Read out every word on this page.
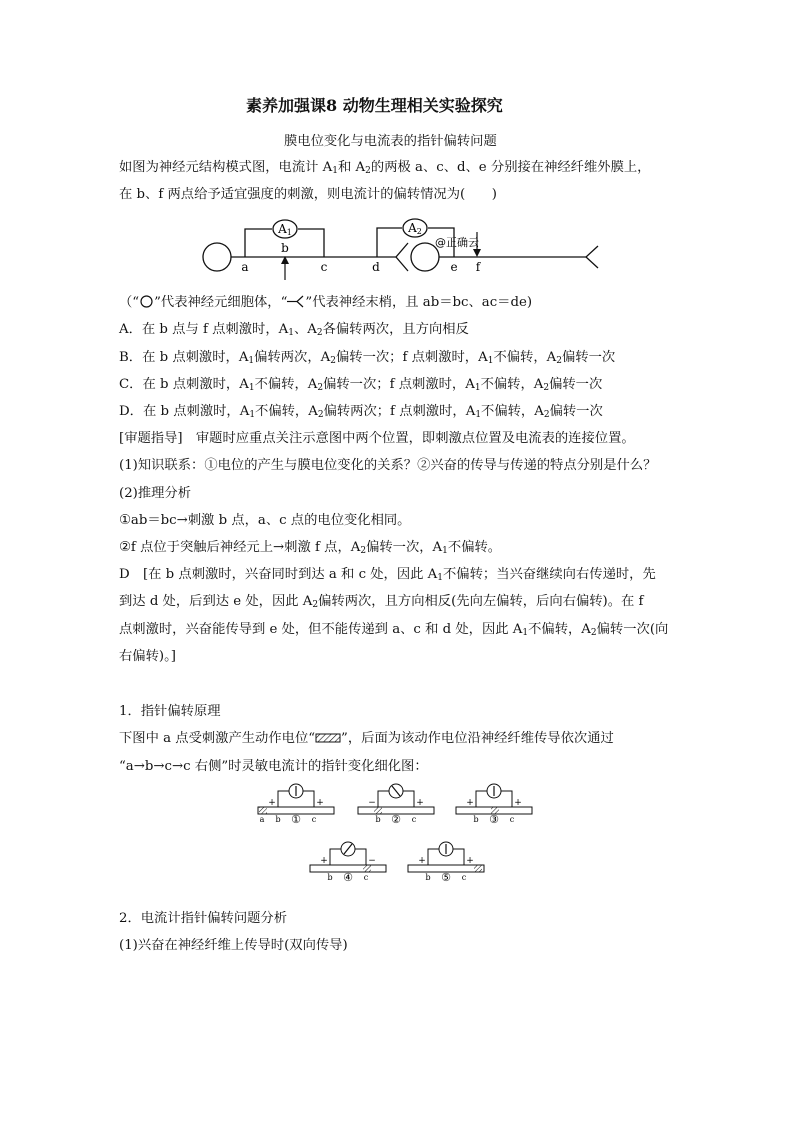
素养加强课8 动物生理相关实验探究
膜电位变化与电流表的指针偏转问题
如图为神经元结构模式图，电流计 $A_1$和 $A_2$的两极 a、c、d、e 分别接在神经纤维外膜上，
在 b、f 两点给予适宜强度的刺激，则电流计的偏转情况为(　　)
A1	A2
@正确云
a
b
c	d	e f
（“ ”代表神经元细胞体，“ ”代表神经末梢，且 ab＝bc、ac＝de)
A．在 b 点与 f 点刺激时，$A_1$、$A_2$各偏转两次，且方向相反
B．在 b 点刺激时，$A_1$偏转两次，$A_2$偏转一次；f 点刺激时，$A_1$不偏转，$A_2$偏转一次
C．在 b 点刺激时，$A_1$不偏转，$A_2$偏转一次；f 点刺激时，$A_1$不偏转，$A_2$偏转一次
D．在 b 点刺激时，$A_1$不偏转，$A_2$偏转两次；f 点刺激时，$A_1$不偏转，$A_2$偏转一次
[审题指导]　 审题时应重点关注示意图中两个位置，即刺激点位置及电流表的连接位置。
(1)知识联系：①电位的产生与膜电位变化的关系？②兴奋的传导与传递的特点分别是什么？
(2)推理分析
①ab＝bc→刺激 b 点，a、c 点的电位变化相同。
②f 点位于突触后神经元上→刺激 f 点，$A_2$偏转一次，$A_1$不偏转。
D　[在 b 点刺激时，兴奋同时到达 a 和 c 处，因此 $A_1$不偏转；当兴奋继续向右传递时，先
到达 d 处，后到达 e 处，因此 $A_2$偏转两次，且方向相反(先向左偏转，后向右偏转)。在 f
点刺激时，兴奋能传导到 e 处，但不能传递到 a、c 和 d 处，因此 $A_1$不偏转，$A_2$偏转一次(向
右偏转)。]
1．指针偏转原理
下图中 a 点受刺激产生动作电位“ ”，后面为该动作电位沿神经纤维传导依次通过
“a→b→c→c 右侧”时灵敏电流计的指针变化细化图：
+	+
a b	c
①
−	+
b	c
②
+	+
b	c
③
+	−
b	c
④
+	+
b	c
⑤
2．电流计指针偏转问题分析
(1)兴奋在神经纤维上传导时(双向传导)
